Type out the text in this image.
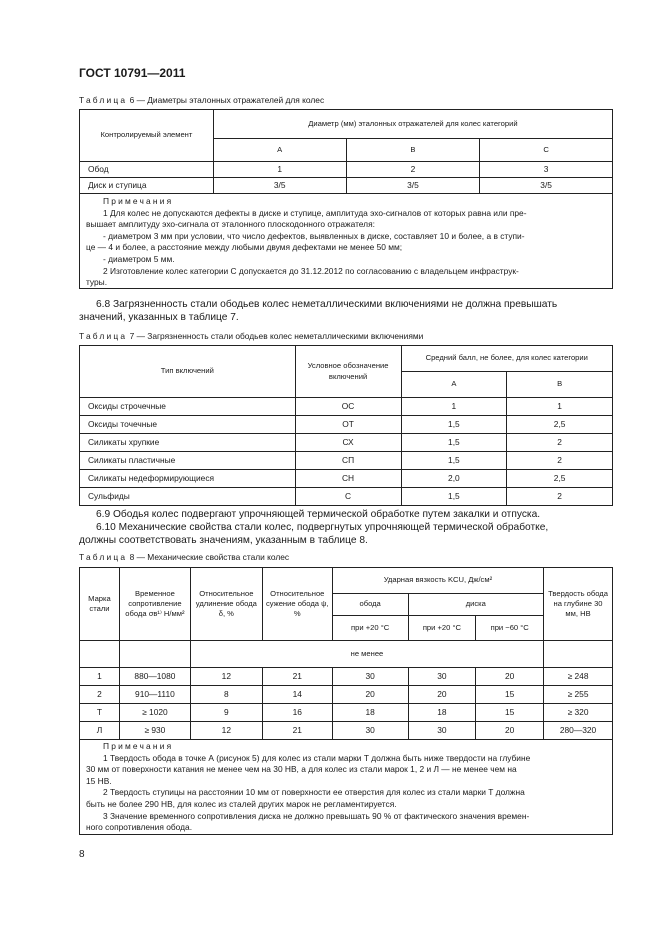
ГОСТ 10791—2011
Таблица 6 — Диаметры эталонных отражателей для колес
Контролируемый элемент	Диаметр (мм) эталонных отражателей для колес категорий		
	А	В	С
Обод	1	2	3
Диск и ступица	3/5	3/5	3/5

Примечания

1 Для колес не допускаются дефекты в диске и ступице, амплитуда эхо-сигналов от которых равна или пре-

вышает амплитуду эхо-сигнала от эталонного плоскодонного отражателя:

- диаметром 3 мм при условии, что число дефектов, выявленных в диске, составляет 10 и более, а в ступи-

це — 4 и более, а расстояние между любыми двумя дефектами не менее 50 мм;

- диаметром 5 мм.

2 Изготовление колес категории С допускается до 31.12.2012 по согласованию с владельцем инфраструк-

туры.

6.8 Загрязненность стали ободьев колес неметаллическими включениями не должна превышать

значений, указанных в таблице 7.

Таблица 7 — Загрязненность стали ободьев колес неметаллическими включениями
Тип включений	Условное обозначение включений	Средний балл, не более, для колес категории	
		А	В
Оксиды строчечные	ОС	1	1
Оксиды точечные	ОТ	1,5	2,5
Силикаты хрупкие	СХ	1,5	2
Силикаты пластичные	СП	1,5	2
Силикаты недеформирующиеся	СН	2,0	2,5
Сульфиды	С	1,5	2

6.9 Ободья колес подвергают упрочняющей термической обработке путем закалки и отпуска.

6.10 Механические свойства стали колес, подвергнутых упрочняющей термической обработке,

должны соответствовать значениям, указанным в таблице 8.

Таблица 8 — Механические свойства стали колес
Марка стали	Временное сопротивление обода σв¹⁾ Н/мм²	Относительное удлинение обода δ, %	Относительное сужение обода ψ, %	Ударная вязкость KCU, Дж/см²			Твердость обода на глубине 30 мм, НВ
				обода	диска		
				при +20 °С	при +20 °С	при −60 °С	
		не менее					
1	880—1080	12	21	30	30	20	≥ 248
2	910—1110	8	14	20	20	15	≥ 255
Т	≥ 1020	9	16	18	18	15	≥ 320
Л	≥ 930	12	21	30	30	20	280—320

Примечания

1 Твердость обода в точке А (рисунок 5) для колес из стали марки Т должна быть ниже твердости на глубине

30 мм от поверхности катания не менее чем на 30 НВ, а для колес из стали марок 1, 2 и Л — не менее чем на

15 НВ.

2 Твердость ступицы на расстоянии 10 мм от поверхности ее отверстия для колес из стали марки Т должна

быть не более 290 НВ, для колес из сталей других марок не регламентируется.

3 Значение временного сопротивления диска не должно превышать 90 % от фактического значения времен-

ного сопротивления обода.

8
